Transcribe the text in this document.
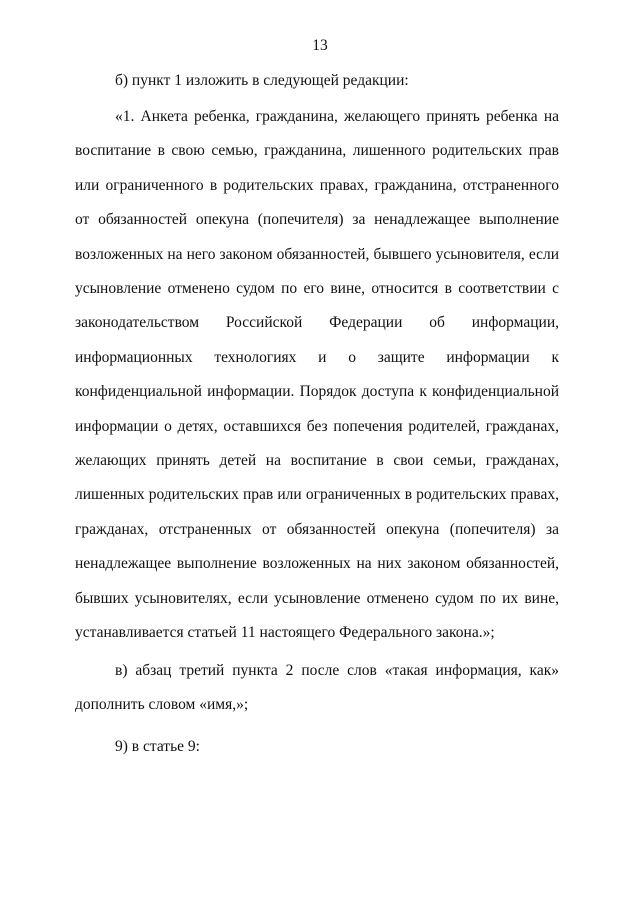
13

б) пункт 1 изложить в следующей редакции:

«1. Анкета ребенка, гражданина, желающего принять ребенка на воспитание в свою семью, гражданина, лишенного родительских прав или ограниченного в родительских правах, гражданина, отстраненного от обязанностей опекуна (попечителя) за ненадлежащее выполнение возложенных на него законом обязанностей, бывшего усыновителя, если усыновление отменено судом по его вине, относится в соответствии с законодательством Российской Федерации об информации, информационных технологиях и о защите информации к конфиденциальной информации. Порядок доступа к конфиденциальной информации о детях, оставшихся без попечения родителей, гражданах, желающих принять детей на воспитание в свои семьи, гражданах, лишенных родительских прав или ограниченных в родительских правах, гражданах, отстраненных от обязанностей опекуна (попечителя) за ненадлежащее выполнение возложенных на них законом обязанностей, бывших усыновителях, если усыновление отменено судом по их вине, устанавливается статьей 11 настоящего Федерального закона.»;

в) абзац третий пункта 2 после слов «такая информация, как» дополнить словом «имя,»;

9) в статье 9:
